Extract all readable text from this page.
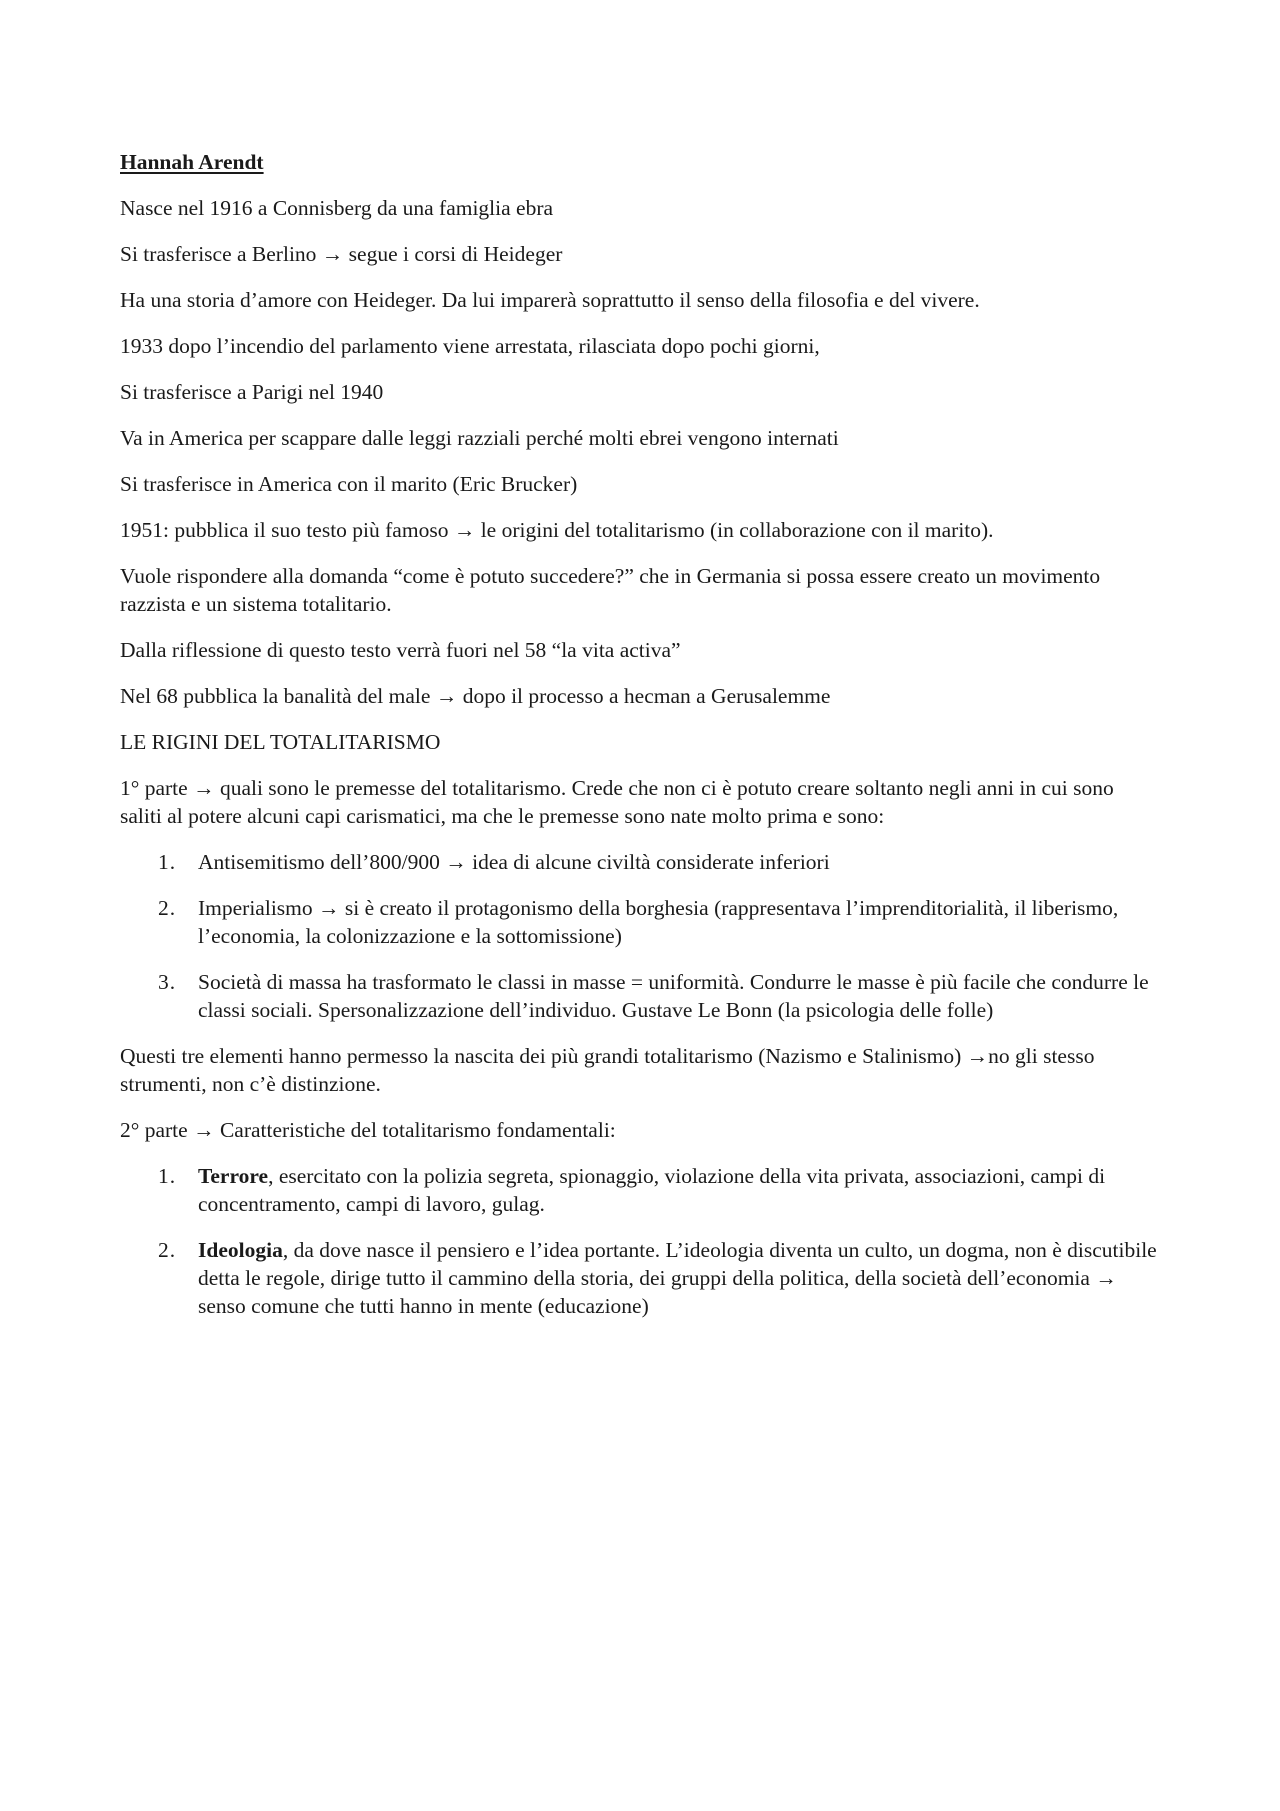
Hannah Arendt

Nasce nel 1916 a Connisberg da una famiglia ebra

Si trasferisce a Berlino → segue i corsi di Heideger

Ha una storia d’amore con Heideger. Da lui imparerà soprattutto il senso della filosofia e del vivere.

1933 dopo l’incendio del parlamento viene arrestata, rilasciata dopo pochi giorni,

Si trasferisce a Parigi nel 1940

Va in America per scappare dalle leggi razziali perché molti ebrei vengono internati

Si trasferisce in America con il marito (Eric Brucker)

1951: pubblica il suo testo più famoso → le origini del totalitarismo (in collaborazione con il marito).

Vuole rispondere alla domanda “come è potuto succedere?” che in Germania si possa essere creato un movimento razzista e un sistema totalitario.

Dalla riflessione di questo testo verrà fuori nel 58 “la vita activa”

Nel 68 pubblica la banalità del male → dopo il processo a hecman a Gerusalemme

LE RIGINI DEL TOTALITARISMO

1° parte → quali sono le premesse del totalitarismo. Crede che non ci è potuto creare soltanto negli anni in cui sono saliti al potere alcuni capi carismatici, ma che le premesse sono nate molto prima e sono:

1. Antisemitismo dell’800/900 → idea di alcune civiltà considerate inferiori
2. Imperialismo → si è creato il protagonismo della borghesia (rappresentava l’imprenditorialità, il liberismo, l’economia, la colonizzazione e la sottomissione)
3. Società di massa ha trasformato le classi in masse = uniformità. Condurre le masse è più facile che condurre le classi sociali. Spersonalizzazione dell’individuo. Gustave Le Bonn (la psicologia delle folle)

Questi tre elementi hanno permesso la nascita dei più grandi totalitarismo (Nazismo e Stalinismo) →no gli stesso strumenti, non c’è distinzione.

2° parte → Caratteristiche del totalitarismo fondamentali:

1. Terrore, esercitato con la polizia segreta, spionaggio, violazione della vita privata, associazioni, campi di concentramento, campi di lavoro, gulag.
2. Ideologia, da dove nasce il pensiero e l’idea portante. L’ideologia diventa un culto, un dogma, non è discutibile detta le regole, dirige tutto il cammino della storia, dei gruppi della politica, della società dell’economia → senso comune che tutti hanno in mente (educazione)
